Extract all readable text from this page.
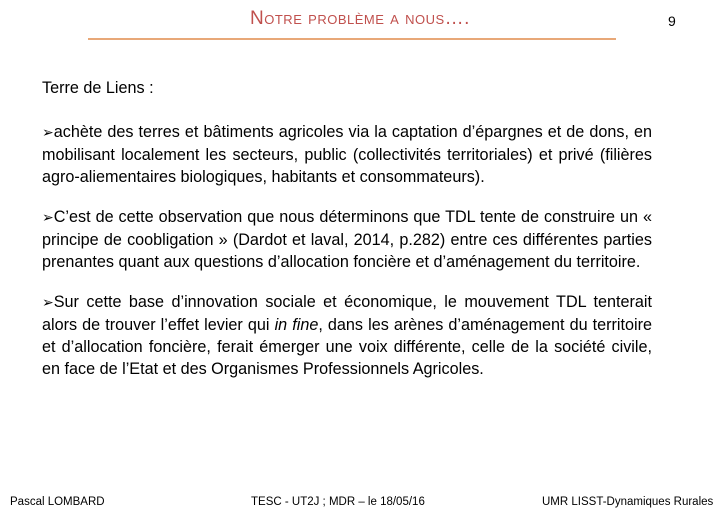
Notre problème a nous….	9

Terre de Liens :

➢achète des terres et bâtiments agricoles via la captation d’épargnes et de dons, en mobilisant localement les secteurs, public (collectivités territoriales) et privé (filières agro-aliementaires biologiques, habitants et consommateurs).

➢C’est de cette observation que nous déterminons que TDL tente de construire un « principe de coobligation » (Dardot et laval, 2014, p.282) entre ces différentes parties prenantes quant aux questions d’allocation foncière et d’aménagement du territoire.

➢Sur cette base d’innovation sociale et économique, le mouvement TDL tenterait alors de trouver l’effet levier qui in fine, dans les arènes d’aménagement du territoire et d’allocation foncière, ferait émerger une voix différente, celle de la société civile, en face de l’Etat et des Organismes Professionnels Agricoles.

Pascal LOMBARD	TESC - UT2J ; MDR – le 18/05/16	UMR LISST-Dynamiques Rurales
